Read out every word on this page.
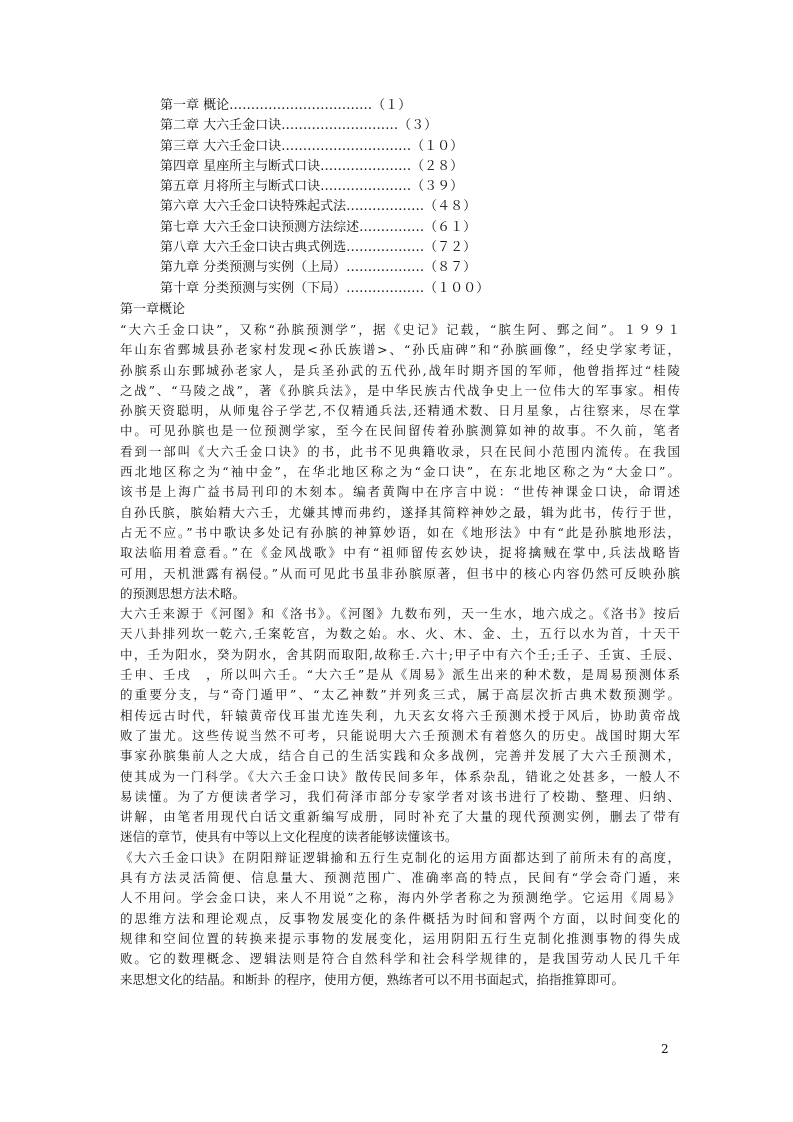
第一章 概论……………………………（１）
第二章 大六壬金口诀………………………（３）
第三章 大六壬金口诀…………………………（１０）
第四章 星座所主与断式口诀…………………（２８）
第五章 月将所主与断式口诀…………………（３９）
第六章 大六壬金口诀特殊起式法………………（４８）
第七章 大六壬金口诀预测方法综述……………（６１）
第八章 大六壬金口诀古典式例选………………（７２）
第九章 分类预测与实例（上局）………………（８７）
第十章 分类预测与实例（下局）………………（１００）
第一章概论
“大六壬金口诀”，又称“孙膑预测学”，据《史记》记载，“膑生阿、鄄之间”。１９９１
年山东省鄄城县孙老家村发现<孙氏族谱>、“孙氏庙碑”和“孙膑画像”，经史学家考证，
孙膑系山东鄄城孙老家人，是兵圣孙武的五代孙,战年时期齐国的军师，他曾指挥过“桂陵
之战”、“马陵之战”，著《孙膑兵法》，是中华民族古代战争史上一位伟大的军事家。相传
孙膑天资聪明，从师鬼谷子学艺,不仅精通兵法,还精通术数、日月星象，占往察来，尽在掌
中。可见孙膑也是一位预测学家，至今在民间留传着孙膑测算如神的故事。不久前，笔者
看到一部叫《大六壬金口诀》的书，此书不见典籍收录，只在民间小范围内流传。在我国
西北地区称之为“袖中金”，在华北地区称之为“金口诀”，在东北地区称之为“大金口”。
该书是上海广益书局刊印的木刻本。编者黄陶中在序言中说：“世传神课金口诀，命谓述
自孙氏膑，膑始精大六壬，尤嫌其博而弗约，遂择其简粹神妙之最，辑为此书，传行于世，
占无不应。”书中歌诀多处记有孙膑的神算妙语，如在《地形法》中有“此是孙膑地形法，
取法临用着意看。”在《金风战歌》中有“祖师留传玄妙诀，捉将擒贼在掌中,兵法战略皆
可用，天机泄露有祸侵。”从而可见此书虽非孙膑原著，但书中的核心内容仍然可反映孙膑
的预测思想方法术略。
大六壬来源于《河图》和《洛书》。《河图》九数布列，天一生水，地六成之。《洛书》按后
天八卦排列坎一乾六,壬案乾宫，为数之始。水、火、木、金、土，五行以水为首，十天干
中，壬为阳水，癸为阴水，舍其阴而取阳,故称壬.六十;甲子中有六个壬;壬子、壬寅、壬辰、
壬申、壬戌　，所以叫六壬。“大六壬”是从《周易》派生出来的种术数，是周易预测体系
的重要分支，与“奇门遁甲”、“太乙神数”并列炙三式，属于高层次折古典术数预测学。
相传远古时代，轩辕黄帝伐耳蚩尤连失利，九天玄女将六壬预测术授于风后，协助黄帝战
败了蚩尤。这些传说当然不可考，只能说明大六壬预测术有着悠久的历史。战国时期大军
事家孙膑集前人之大成，结合自己的生活实践和众多战例，完善并发展了大六壬预测术，
使其成为一门科学。《大六壬金口诀》散传民间多年，体系杂乱，错讹之处甚多，一般人不
易读懂。为了方便读者学习，我们荷泽市部分专家学者对该书进行了校勘、整理、归纳、
讲解，由笔者用现代白话文重新编写成册，同时补充了大量的现代预测实例，删去了带有
迷信的章节，使具有中等以上文化程度的读者能够读懂该书。
《大六壬金口诀》在阴阳辩证逻辑揄和五行生克制化的运用方面都达到了前所未有的高度，
具有方法灵活简便、信息量大、预测范围广、准确率高的特点，民间有“学会奇门遁，来
人不用问。学会金口诀，来人不用说”之称，海内外学者称之为预测绝学。它运用《周易》
的思维方法和理论观点，反事物发展变化的条件概括为时间和窨两个方面，以时间变化的
规律和空间位置的转换来提示事物的发展变化，运用阴阳五行生克制化推测事物的得失成
败。它的数理概念、逻辑法则是符合自然科学和社会科学规律的，是我国劳动人民几千年
来思想文化的结晶。和断卦 的程序，使用方便，熟练者可以不用书面起式，掐指推算即可。
2
